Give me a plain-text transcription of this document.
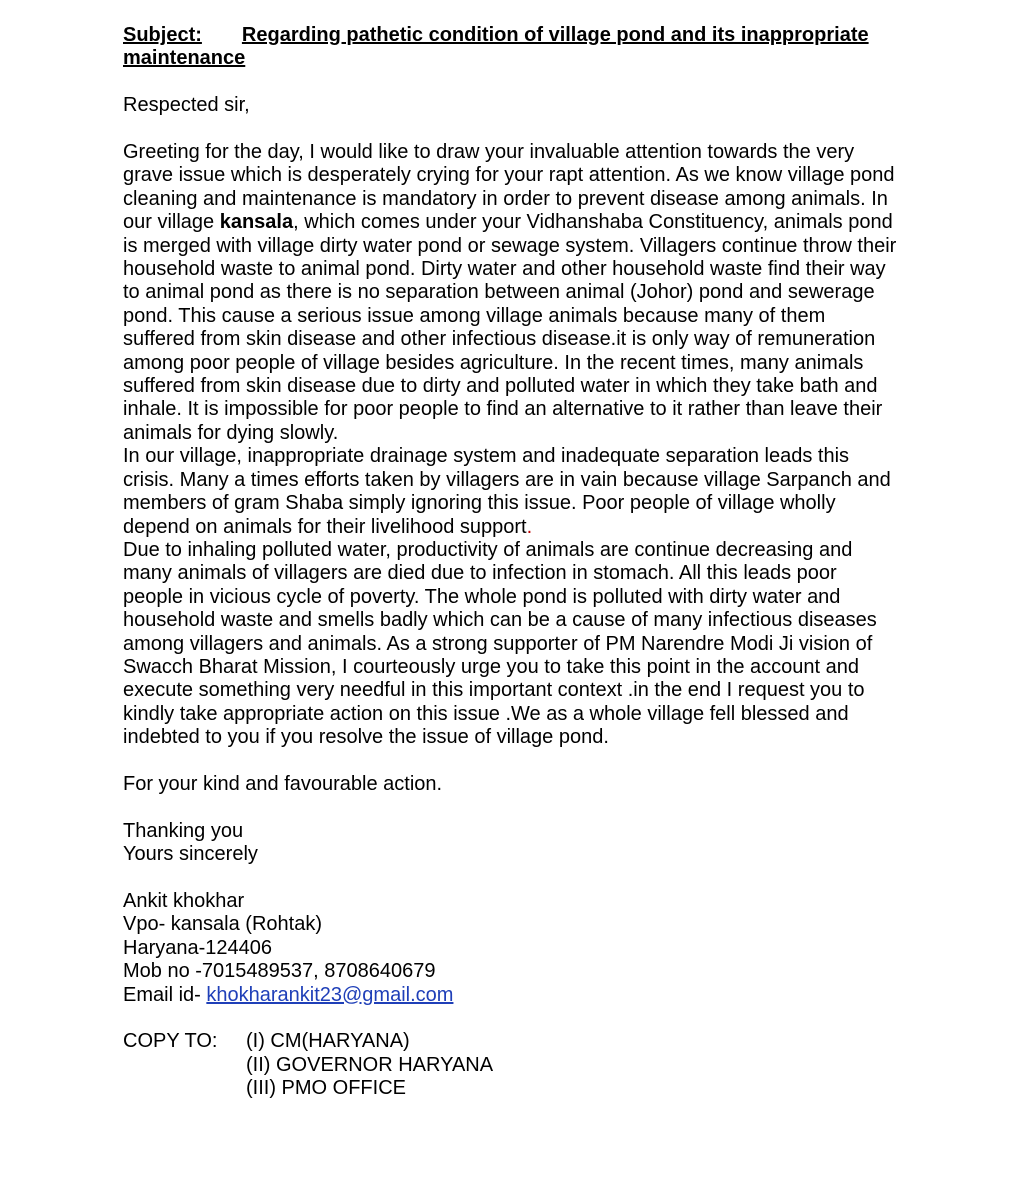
Subject: Regarding pathetic condition of village pond and its inappropriate maintenance

Respected sir,

Greeting for the day, I would like to draw your invaluable attention towards the very grave issue which is desperately crying for your rapt attention. As we know village pond cleaning and maintenance is mandatory in order to prevent disease among animals. In our village kansala, which comes under your Vidhanshaba Constituency, animals pond is merged with village dirty water pond or sewage system. Villagers continue throw their household waste to animal pond. Dirty water and other household waste find their way to animal pond as there is no separation between animal (Johor) pond and sewerage pond. This cause a serious issue among village animals because many of them suffered from skin disease and other infectious disease.it is only way of remuneration among poor people of village besides agriculture. In the recent times, many animals suffered from skin disease due to dirty and polluted water in which they take bath and inhale. It is impossible for poor people to find an alternative to it rather than leave their animals for dying slowly.

In our village, inappropriate drainage system and inadequate separation leads this crisis. Many a times efforts taken by villagers are in vain because village Sarpanch and members of gram Shaba simply ignoring this issue. Poor people of village wholly depend on animals for their livelihood support.

Due to inhaling polluted water, productivity of animals are continue decreasing and many animals of villagers are died due to infection in stomach. All this leads poor people in vicious cycle of poverty. The whole pond is polluted with dirty water and household waste and smells badly which can be a cause of many infectious diseases among villagers and animals. As a strong supporter of PM Narendre Modi Ji vision of Swacch Bharat Mission, I courteously urge you to take this point in the account and execute something very needful in this important context .in the end I request you to kindly take appropriate action on this issue .We as a whole village fell blessed and indebted to you if you resolve the issue of village pond.

For your kind and favourable action.

Thanking you

Yours sincerely

Ankit khokhar

Vpo- kansala (Rohtak)

Haryana-124406

Mob no -7015489537, 8708640679

Email id- khokharankit23@gmail.com

COPY TO:	(I) CM(HARYANA)
(II) GOVERNOR HARYANA
(III) PMO OFFICE
